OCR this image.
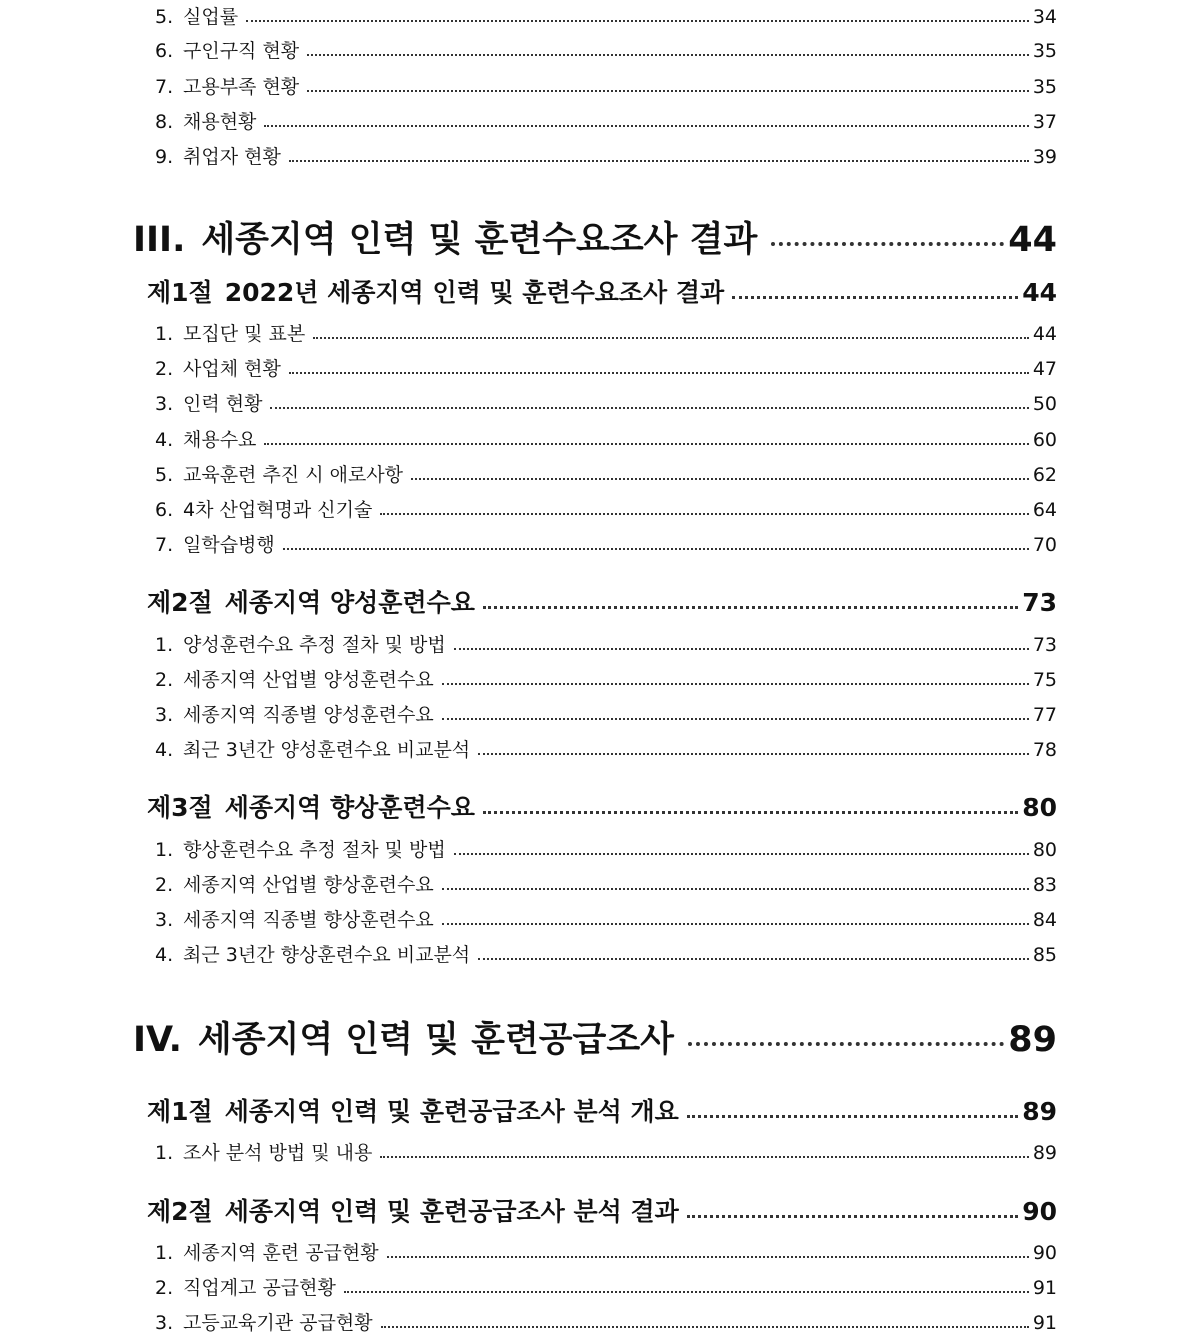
5. 실업률	34
6. 구인구직 현황	35
7. 고용부족 현황	35
8. 채용현황	37
9. 취업자 현황	39
III. 세종지역 인력 및 훈련수요조사 결과	44
제1절 2022년 세종지역 인력 및 훈련수요조사 결과	44
1. 모집단 및 표본	44
2. 사업체 현황	47
3. 인력 현황	50
4. 채용수요	60
5. 교육훈련 추진 시 애로사항	62
6. 4차 산업혁명과 신기술	64
7. 일학습병행	70
제2절 세종지역 양성훈련수요	73
1. 양성훈련수요 추정 절차 및 방법	73
2. 세종지역 산업별 양성훈련수요	75
3. 세종지역 직종별 양성훈련수요	77
4. 최근 3년간 양성훈련수요 비교분석	78
제3절 세종지역 향상훈련수요	80
1. 향상훈련수요 추정 절차 및 방법	80
2. 세종지역 산업별 향상훈련수요	83
3. 세종지역 직종별 향상훈련수요	84
4. 최근 3년간 향상훈련수요 비교분석	85
IV. 세종지역 인력 및 훈련공급조사	89
제1절 세종지역 인력 및 훈련공급조사 분석 개요	89
1. 조사 분석 방법 및 내용	89
제2절 세종지역 인력 및 훈련공급조사 분석 결과	90
1. 세종지역 훈련 공급현황	90
2. 직업계고 공급현황	91
3. 고등교육기관 공급현황	91
